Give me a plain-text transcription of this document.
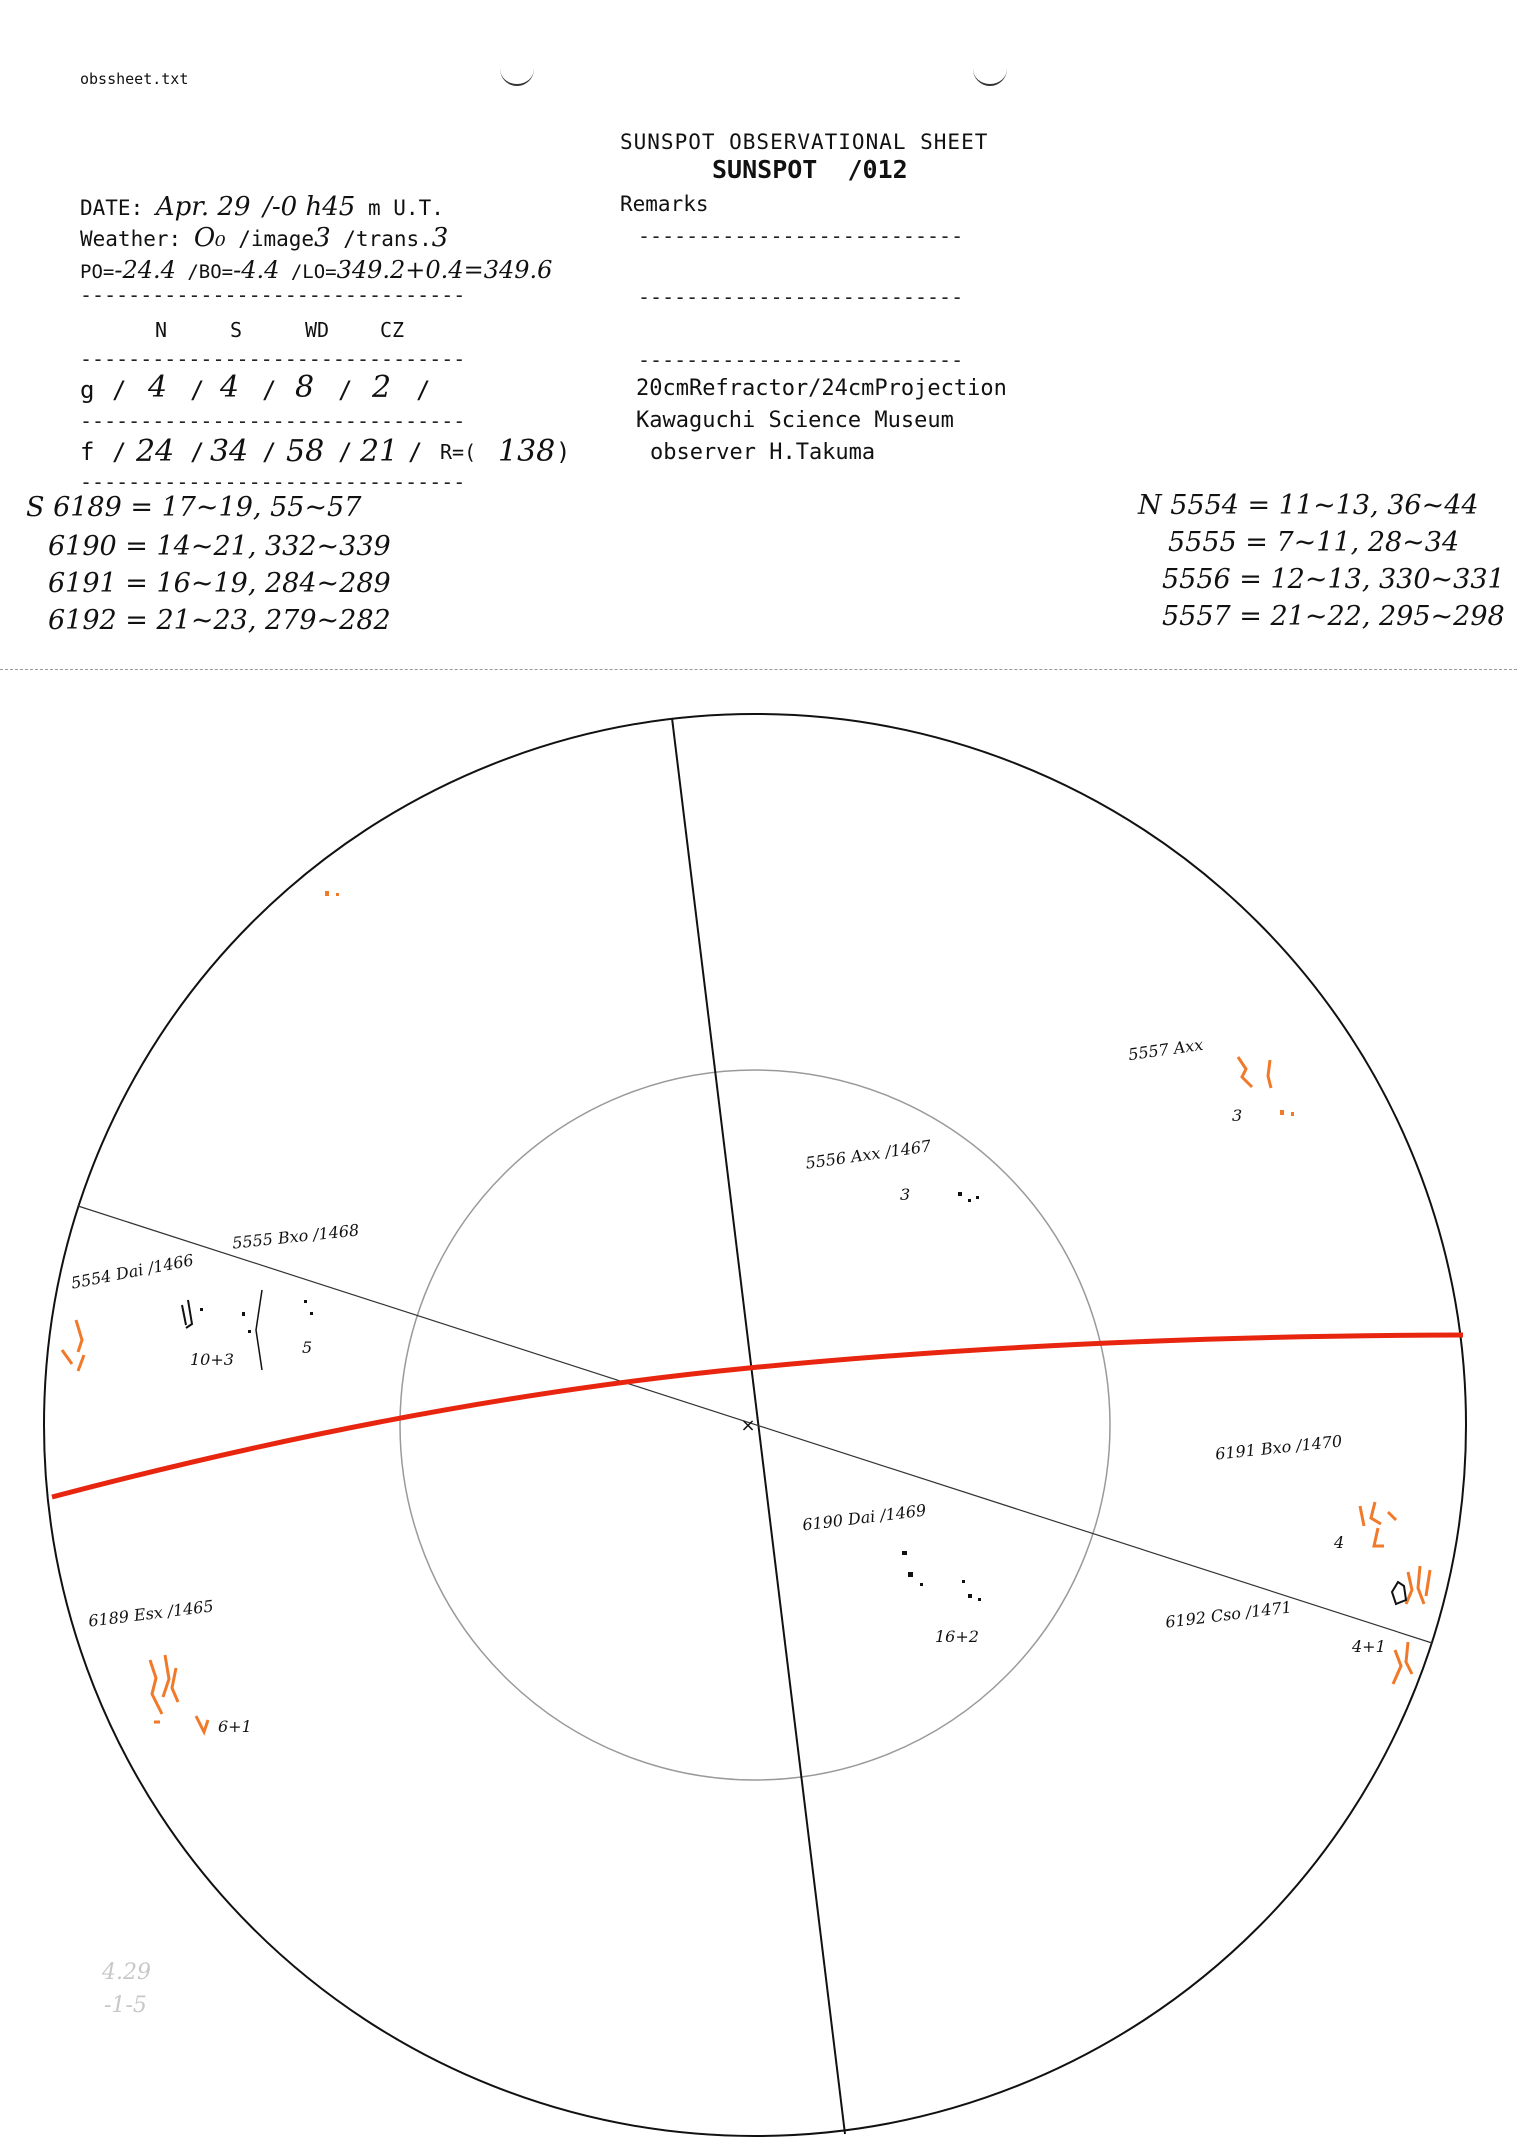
obssheet.txt
SUNSPOT OBSERVATIONAL SHEET
SUNSPOT /012
DATE: Apr. 29 /-0 h45 m U.T.
Weather: O₀ /image3 /trans.3
PO=-24.4 /BO=-4.4 /LO=349.2+0.4=349.6
--------------------------------
N	S	WD	CZ
--------------------------------
g / 4 / 4 / 8 / 2 /
--------------------------------
f / 24 / 34 / 58 / 21 / R=( 138 )
--------------------------------
Remarks
---------------------------
---------------------------
---------------------------
20cmRefractor/24cmProjection
Kawaguchi Science Museum
observer H.Takuma
S 6189 = 17~19, 55~57
6190 = 14~21, 332~339
6191 = 16~19, 284~289
6192 = 21~23, 279~282
N 5554 = 11~13, 36~44
5555 = 7~11, 28~34
5556 = 12~13, 330~331
5557 = 21~22, 295~298
×
5554 Dai /1466
10+3
5555 Bxo /1468
5
5556 Axx /1467
3
5557 Axx
3
6189 Esx /1465
6+1
6190 Dai /1469
16+2
6191 Bxo /1470
4
6192 Cso /1471
4+1
4.29
-1-5
